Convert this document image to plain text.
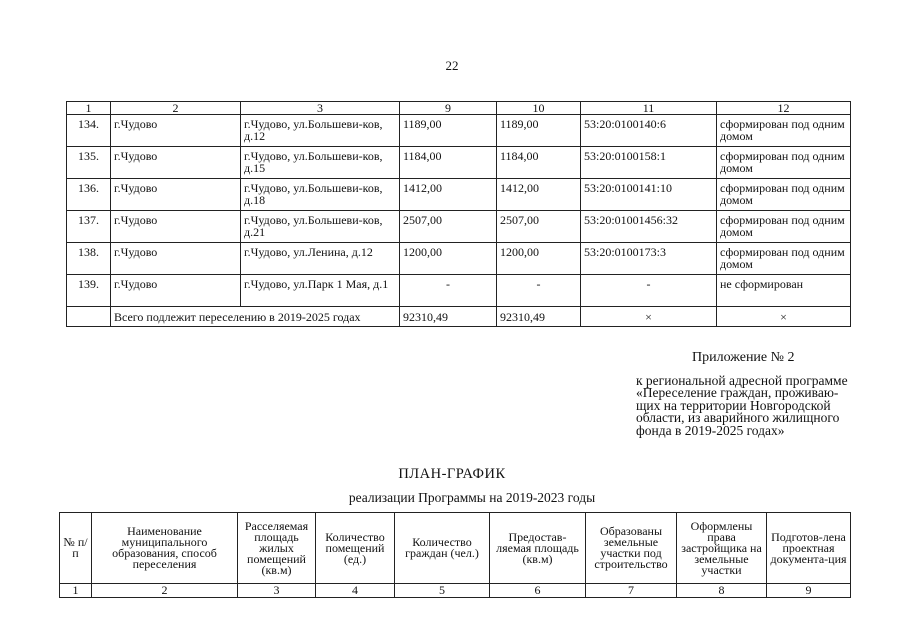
22
1	2	3	9	10	11	12
134.	г.Чудово	г.Чудово, ул.Большеви-ков, д.12	1189,00	1189,00	53:20:0100140:6	сформирован под одним домом
135.	г.Чудово	г.Чудово, ул.Большеви-ков, д.15	1184,00	1184,00	53:20:0100158:1	сформирован под одним домом
136.	г.Чудово	г.Чудово, ул.Большеви-ков, д.18	1412,00	1412,00	53:20:0100141:10	сформирован под одним домом
137.	г.Чудово	г.Чудово, ул.Большеви-ков, д.21	2507,00	2507,00	53:20:01001456:32	сформирован под одним домом
138.	г.Чудово	г.Чудово, ул.Ленина, д.12	1200,00	1200,00	53:20:0100173:3	сформирован под одним домом
139.	г.Чудово	г.Чудово, ул.Парк 1 Мая, д.1	-	-	-	не сформирован
	Всего подлежит переселению в 2019-2025 годах		92310,49	92310,49	×	×
Приложение № 2
к региональной адресной программе «Переселение граждан, проживаю-щих на территории Новгородской области, из аварийного жилищного фонда в 2019-2025 годах»
ПЛАН-ГРАФИК
реализации Программы на 2019-2023 годы
№ п/п	Наименование муниципального образования, способ переселения	Расселяемая площадь жилых помещений (кв.м)	Количество помещений (ед.)	Количество граждан (чел.)	Предостав-ляемая площадь (кв.м)	Образованы земельные участки под строительство	Оформлены права застройщика на земельные участки	Подготов-лена проектная документа-ция
1	2	3	4	5	6	7	8	9
